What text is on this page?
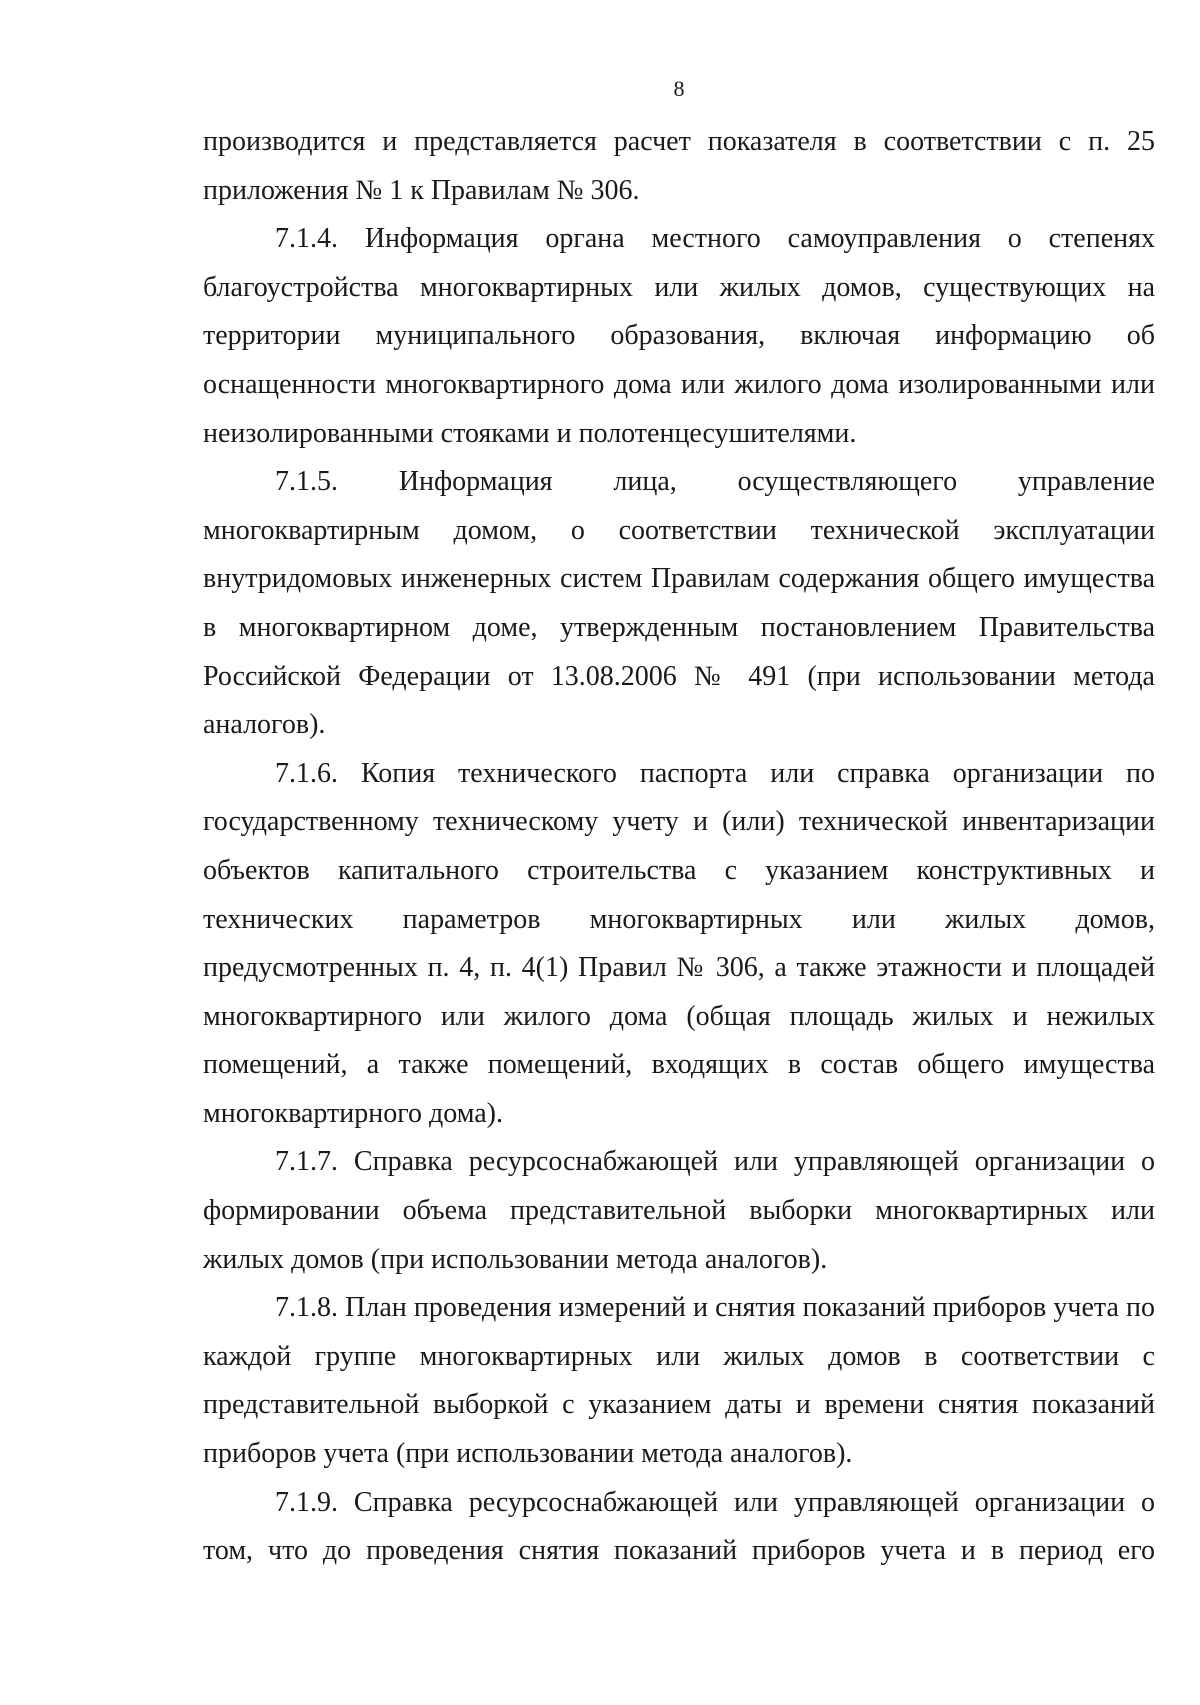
8

производится и представляется расчет показателя в соответствии с п. 25 приложения № 1 к Правилам № 306.

7.1.4. Информация органа местного самоуправления о степенях благоустройства многоквартирных или жилых домов, существующих на территории муниципального образования, включая информацию об оснащенности многоквартирного дома или жилого дома изолированными или неизолированными стояками и полотенцесушителями.

7.1.5. Информация лица, осуществляющего управление многоквартирным домом, о соответствии технической эксплуатации внутридомовых инженерных систем Правилам содержания общего имущества в многоквартирном доме, утвержденным постановлением Правительства Российской Федерации от 13.08.2006 № 491 (при использовании метода аналогов).

7.1.6. Копия технического паспорта или справка организации по государственному техническому учету и (или) технической инвентаризации объектов капитального строительства с указанием конструктивных и технических параметров многоквартирных или жилых домов, предусмотренных п. 4, п. 4(1) Правил № 306, а также этажности и площадей многоквартирного или жилого дома (общая площадь жилых и нежилых помещений, а также помещений, входящих в состав общего имущества многоквартирного дома).

7.1.7. Справка ресурсоснабжающей или управляющей организации о формировании объема представительной выборки многоквартирных или жилых домов (при использовании метода аналогов).

7.1.8. План проведения измерений и снятия показаний приборов учета по каждой группе многоквартирных или жилых домов в соответствии с представительной выборкой с указанием даты и времени снятия показаний приборов учета (при использовании метода аналогов).

7.1.9. Справка ресурсоснабжающей или управляющей организации о том, что до проведения снятия показаний приборов учета и в период его
